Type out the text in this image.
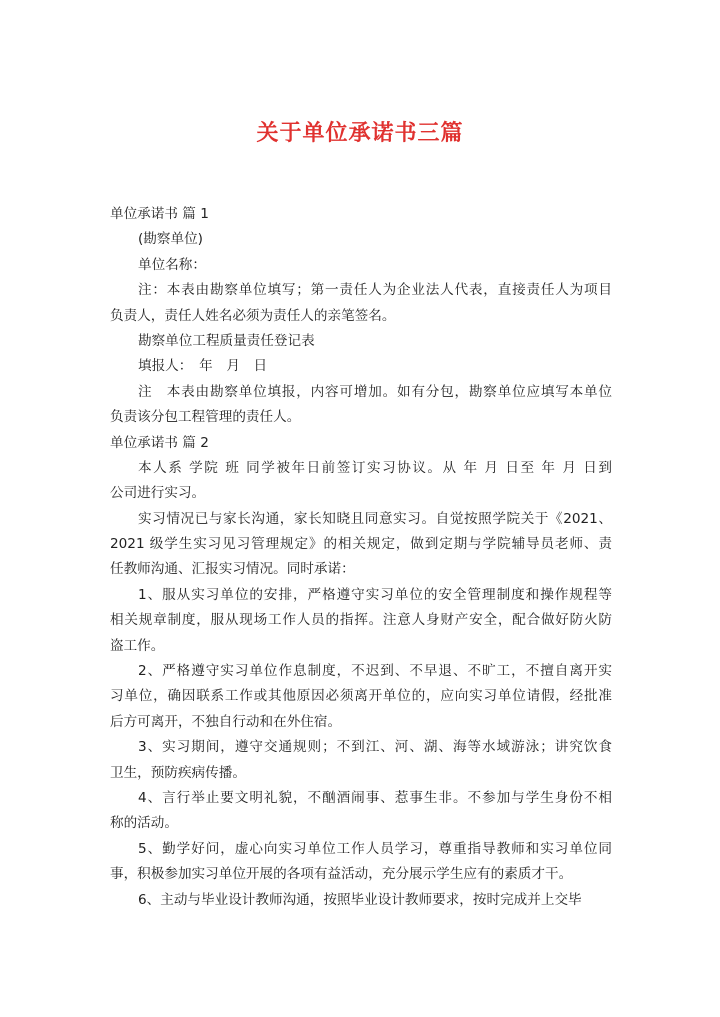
关于单位承诺书三篇
单位承诺书 篇 1
(勘察单位)
单位名称：
注：本表由勘察单位填写；第一责任人为企业法人代表，直接责任人为项目
负责人，责任人姓名必须为责任人的亲笔签名。
勘察单位工程质量责任登记表
填报人：　年　月　日
注　本表由勘察单位填报，内容可增加。如有分包，勘察单位应填写本单位
负责该分包工程管理的责任人。
单位承诺书 篇 2
本人系 学院 班 同学被年日前签订实习协议。从 年 月 日至 年 月 日到
公司进行实习。
实习情况已与家长沟通，家长知晓且同意实习。自觉按照学院关于《2021、
2021 级学生实习见习管理规定》的相关规定，做到定期与学院辅导员老师、责
任教师沟通、汇报实习情况。同时承诺：
1、服从实习单位的安排，严格遵守实习单位的安全管理制度和操作规程等
相关规章制度，服从现场工作人员的指挥。注意人身财产安全，配合做好防火防
盗工作。
2、严格遵守实习单位作息制度，不迟到、不早退、不旷工，不擅自离开实
习单位，确因联系工作或其他原因必须离开单位的，应向实习单位请假，经批准
后方可离开，不独自行动和在外住宿。
3、实习期间，遵守交通规则；不到江、河、湖、海等水域游泳；讲究饮食
卫生，预防疾病传播。
4、言行举止要文明礼貌，不酗酒闹事、惹事生非。不参加与学生身份不相
称的活动。
5、勤学好问，虚心向实习单位工作人员学习，尊重指导教师和实习单位同
事，积极参加实习单位开展的各项有益活动，充分展示学生应有的素质才干。
6、主动与毕业设计教师沟通，按照毕业设计教师要求，按时完成并上交毕
